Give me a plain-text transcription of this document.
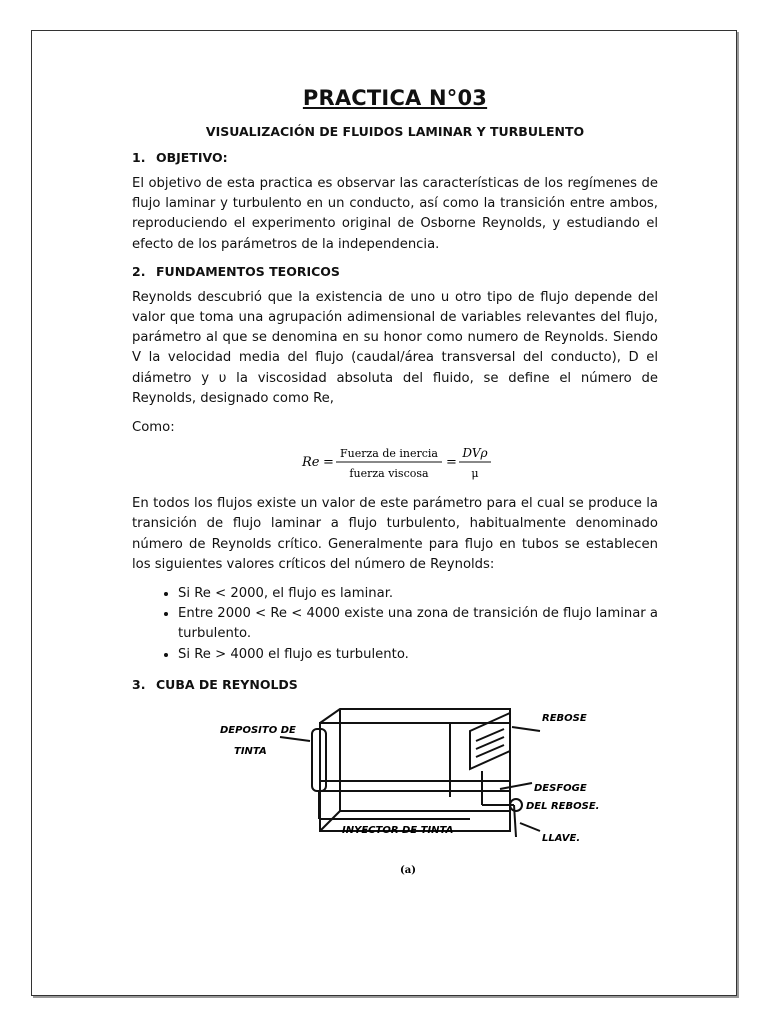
PRACTICA N°03
VISUALIZACIÓN DE FLUIDOS LAMINAR Y TURBULENTO
1. OBJETIVO:

El objetivo de esta practica es observar las características de los regímenes de flujo laminar y turbulento en un conducto, así como la transición entre ambos, reproduciendo el experimento original de Osborne Reynolds, y estudiando el efecto de los parámetros de la independencia.

2. FUNDAMENTOS TEORICOS

Reynolds descubrió que la existencia de uno u otro tipo de flujo depende del valor que toma una agrupación adimensional de variables relevantes del flujo, parámetro al que se denomina en su honor como numero de Reynolds. Siendo V la velocidad media del flujo (caudal/área transversal del conducto), D el diámetro y υ la viscosidad absoluta del fluido, se define el número de Reynolds, designado como Re,

Como:

Re =
Fuerza de inercia
fuerza viscosa
=
DVρ
μ

En todos los flujos existe un valor de este parámetro para el cual se produce la transición de flujo laminar a flujo turbulento, habitualmente denominado número de Reynolds crítico. Generalmente para flujo en tubos se establecen los siguientes valores críticos del número de Reynolds:

• Si Re < 2000, el flujo es laminar.
• Entre 2000 < Re < 4000 existe una zona de transición de flujo laminar a turbulento.
• Si Re > 4000 el flujo es turbulento.
3. CUBA DE REYNOLDS
DEPOSITO DE
TINTA
REBOSE
DESFOGE
DEL REBOSE.
INYECTOR DE TINTA
LLAVE.
(a)
